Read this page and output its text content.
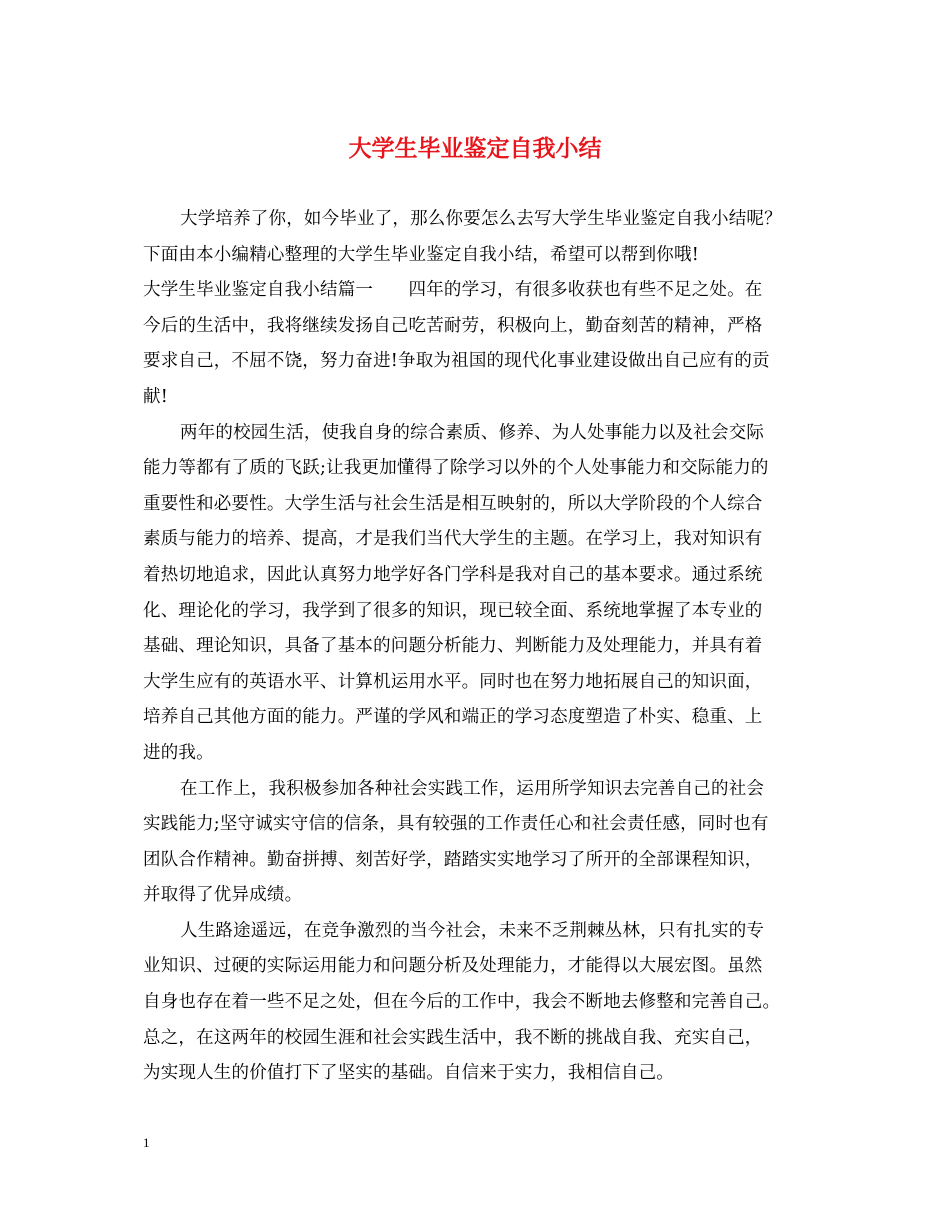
大学生毕业鉴定自我小结
大学培养了你，如今毕业了，那么你要怎么去写大学生毕业鉴定自我小结呢？
下面由本小编精心整理的大学生毕业鉴定自我小结，希望可以帮到你哦!
大学生毕业鉴定自我小结篇一　　四年的学习，有很多收获也有些不足之处。在
今后的生活中，我将继续发扬自己吃苦耐劳，积极向上，勤奋刻苦的精神，严格
要求自己，不屈不饶，努力奋进!争取为祖国的现代化事业建设做出自己应有的贡
献!
两年的校园生活，使我自身的综合素质、修养、为人处事能力以及社会交际
能力等都有了质的飞跃;让我更加懂得了除学习以外的个人处事能力和交际能力的
重要性和必要性。大学生活与社会生活是相互映射的，所以大学阶段的个人综合
素质与能力的培养、提高，才是我们当代大学生的主题。在学习上，我对知识有
着热切地追求，因此认真努力地学好各门学科是我对自己的基本要求。通过系统
化、理论化的学习，我学到了很多的知识，现已较全面、系统地掌握了本专业的
基础、理论知识，具备了基本的问题分析能力、判断能力及处理能力，并具有着
大学生应有的英语水平、计算机运用水平。同时也在努力地拓展自己的知识面，
培养自己其他方面的能力。严谨的学风和端正的学习态度塑造了朴实、稳重、上
进的我。
在工作上，我积极参加各种社会实践工作，运用所学知识去完善自己的社会
实践能力;坚守诚实守信的信条，具有较强的工作责任心和社会责任感，同时也有
团队合作精神。勤奋拼搏、刻苦好学，踏踏实实地学习了所开的全部课程知识，
并取得了优异成绩。
人生路途遥远，在竞争激烈的当今社会，未来不乏荆棘丛林，只有扎实的专
业知识、过硬的实际运用能力和问题分析及处理能力，才能得以大展宏图。虽然
自身也存在着一些不足之处，但在今后的工作中，我会不断地去修整和完善自己。
总之，在这两年的校园生涯和社会实践生活中，我不断的挑战自我、充实自己，
为实现人生的价值打下了坚实的基础。自信来于实力，我相信自己。
1
